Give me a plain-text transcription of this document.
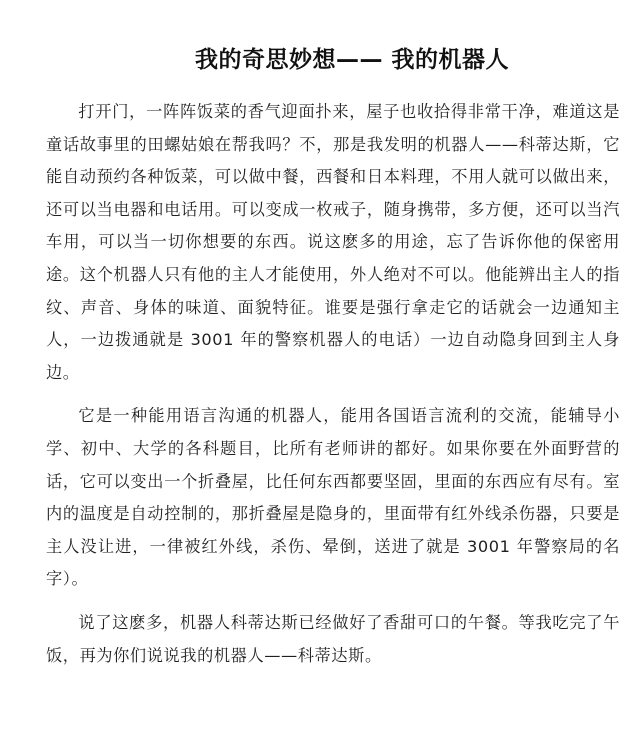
我的奇思妙想—— 我的机器人

打开门，一阵阵饭菜的香气迎面扑来，屋子也收拾得非常干净，难道这是童话故事里的田螺姑娘在帮我吗？不，那是我发明的机器人——科蒂达斯，它能自动预约各种饭菜，可以做中餐，西餐和日本料理，不用人就可以做出来，还可以当电器和电话用。可以变成一枚戒子，随身携带，多方便，还可以当汽车用，可以当一切你想要的东西。说这麽多的用途，忘了告诉你他的保密用途。这个机器人只有他的主人才能使用，外人绝对不可以。他能辨出主人的指纹、声音、身体的味道、面貌特征。谁要是强行拿走它的话就会一边通知主人，一边拨通就是 3001 年的警察机器人的电话）一边自动隐身回到主人身边。

它是一种能用语言沟通的机器人，能用各国语言流利的交流，能辅导小学、初中、大学的各科题目，比所有老师讲的都好。如果你要在外面野营的话，它可以变出一个折叠屋，比任何东西都要坚固，里面的东西应有尽有。室内的温度是自动控制的，那折叠屋是隐身的，里面带有红外线杀伤器，只要是主人没让进，一律被红外线，杀伤、晕倒，送进了就是 3001 年警察局的名字）。

说了这麽多，机器人科蒂达斯已经做好了香甜可口的午餐。等我吃完了午饭，再为你们说说我的机器人——科蒂达斯。
